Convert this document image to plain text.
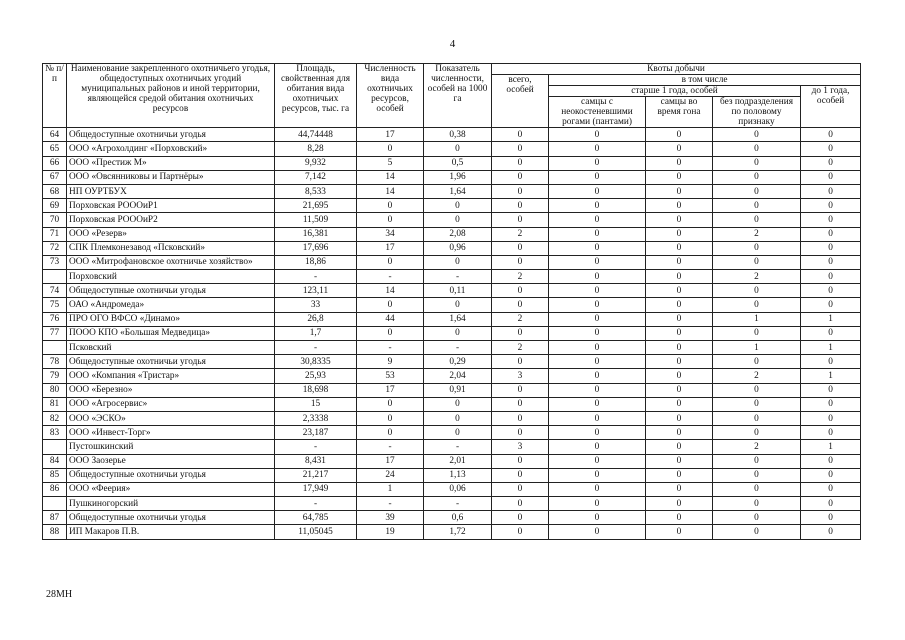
4
№ п/п	Наименование закрепленного охотничьего угодья, общедоступных охотничьих угодий муниципальных районов и иной территории, являющейся средой обитания охотничьих ресурсов	Площадь, свойственная для обитания вида охотничьих ресурсов, тыс. га	Численность вида охотничьих ресурсов, особей	Показатель численности, особей на 1000 га	Квоты добычи				
					всего, особей	в том числе			
						старше 1 года, особей			до 1 года, особей
						самцы с неокостеневшими рогами (пантами)	самцы во время гона	без подразделения по половому признаку	
64	Общедоступные охотничьи угодья	44,74448	17	0,38	0	0	0	0	0
65	ООО «Агрохолдинг «Порховский»	8,28	0	0	0	0	0	0	0
66	ООО «Престиж М»	9,932	5	0,5	0	0	0	0	0
67	ООО «Овсянниковы и Партнёры»	7,142	14	1,96	0	0	0	0	0
68	НП ОУРТБУХ	8,533	14	1,64	0	0	0	0	0
69	Порховская РОООиР1	21,695	0	0	0	0	0	0	0
70	Порховская РОООиР2	11,509	0	0	0	0	0	0	0
71	ООО «Резерв»	16,381	34	2,08	2	0	0	2	0
72	СПК Племконезавод «Псковский»	17,696	17	0,96	0	0	0	0	0
73	ООО «Митрофановское охотничье хозяйство»	18,86	0	0	0	0	0	0	0
	Порховский	-	-	-	2	0	0	2	0
74	Общедоступные охотничьи угодья	123,11	14	0,11	0	0	0	0	0
75	ОАО «Андромеда»	33	0	0	0	0	0	0	0
76	ПРО ОГО ВФСО «Динамо»	26,8	44	1,64	2	0	0	1	1
77	ПООО КПО «Большая Медведица»	1,7	0	0	0	0	0	0	0
	Псковский	-	-	-	2	0	0	1	1
78	Общедоступные охотничьи угодья	30,8335	9	0,29	0	0	0	0	0
79	ООО «Компания «Тристар»	25,93	53	2,04	3	0	0	2	1
80	ООО «Березно»	18,698	17	0,91	0	0	0	0	0
81	ООО «Агросервис»	15	0	0	0	0	0	0	0
82	ООО «ЭСКО»	2,3338	0	0	0	0	0	0	0
83	ООО «Инвест-Торг»	23,187	0	0	0	0	0	0	0
	Пустошкинский	-	-	-	3	0	0	2	1
84	ООО Заозерье	8,431	17	2,01	0	0	0	0	0
85	Общедоступные охотничьи угодья	21,217	24	1,13	0	0	0	0	0
86	ООО «Феерия»	17,949	1	0,06	0	0	0	0	0
	Пушкиногорский	-	-	-	0	0	0	0	0
87	Общедоступные охотничьи угодья	64,785	39	0,6	0	0	0	0	0
88	ИП Макаров П.В.	11,05045	19	1,72	0	0	0	0	0
28МН
